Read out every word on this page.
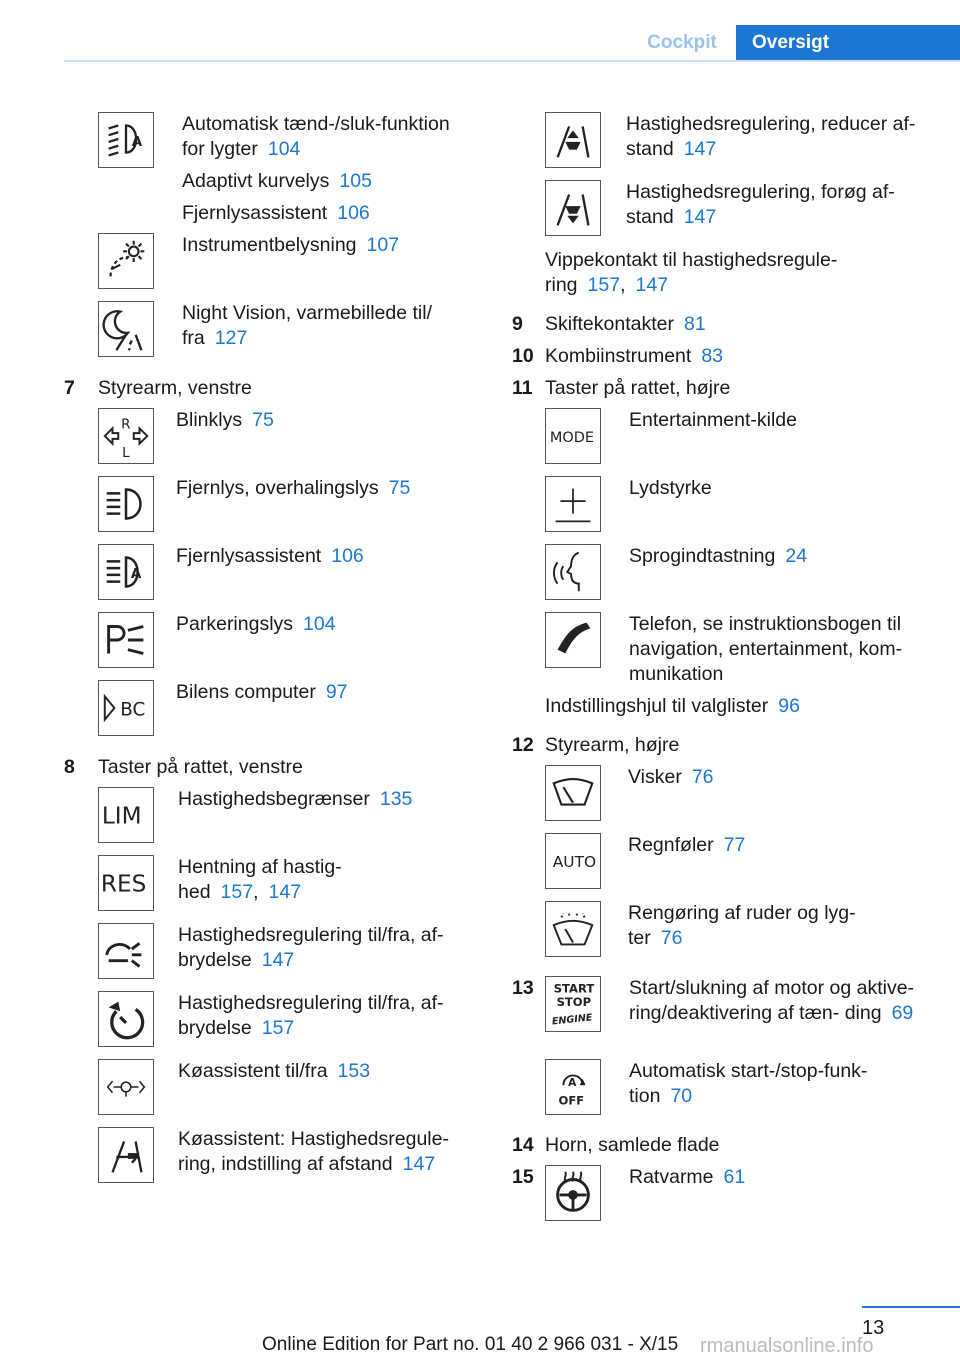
Cockpit	Oversigt
A
Automatisk tænd-/sluk-funktion for lygter 104
Adaptivt kurvelys 105
Fjernlysassistent 106
Instrumentbelysning 107
Night Vision, varmebillede til/ fra 127
7 Styrearm, venstre
R
L
Blinklys 75
Fjernlys, overhalingslys 75
A
Fjernlysassistent 106
Parkeringslys 104
BC
Bilens computer 97
8 Taster på rattet, venstre
LIM
Hastighedsbegrænser 135
RES
Hentning af hastig- hed 157, 147
Hastighedsregulering til/fra, af- brydelse 147
Hastighedsregulering til/fra, af- brydelse 157
Køassistent til/fra 153
Køassistent: Hastighedsregule- ring, indstilling af afstand 147
Hastighedsregulering, reducer af- stand 147
Hastighedsregulering, forøg af- stand 147
Vippekontakt til hastighedsregule- ring 157, 147
9 Skiftekontakter 81
10 Kombiinstrument 83
11 Taster på rattet, højre
MODE
Entertainment-kilde
Lydstyrke
Sprogindtastning 24
Telefon, se instruktionsbogen til navigation, entertainment, kom- munikation
Indstillingshjul til valglister 96
12 Styrearm, højre
Visker 76
AUTO
Regnføler 77
Rengøring af ruder og lyg- ter 76
13 START
STOP
ENGINE
Start/slukning af motor og aktive- ring/deaktivering af tæn- ding 69
A
OFF
Automatisk start-/stop-funk- tion 70
14 Horn, samlede flade
15	Ratvarme 61
13
Online Edition for Part no. 01 40 2 966 031 - X/15 rmanualsonline.info
